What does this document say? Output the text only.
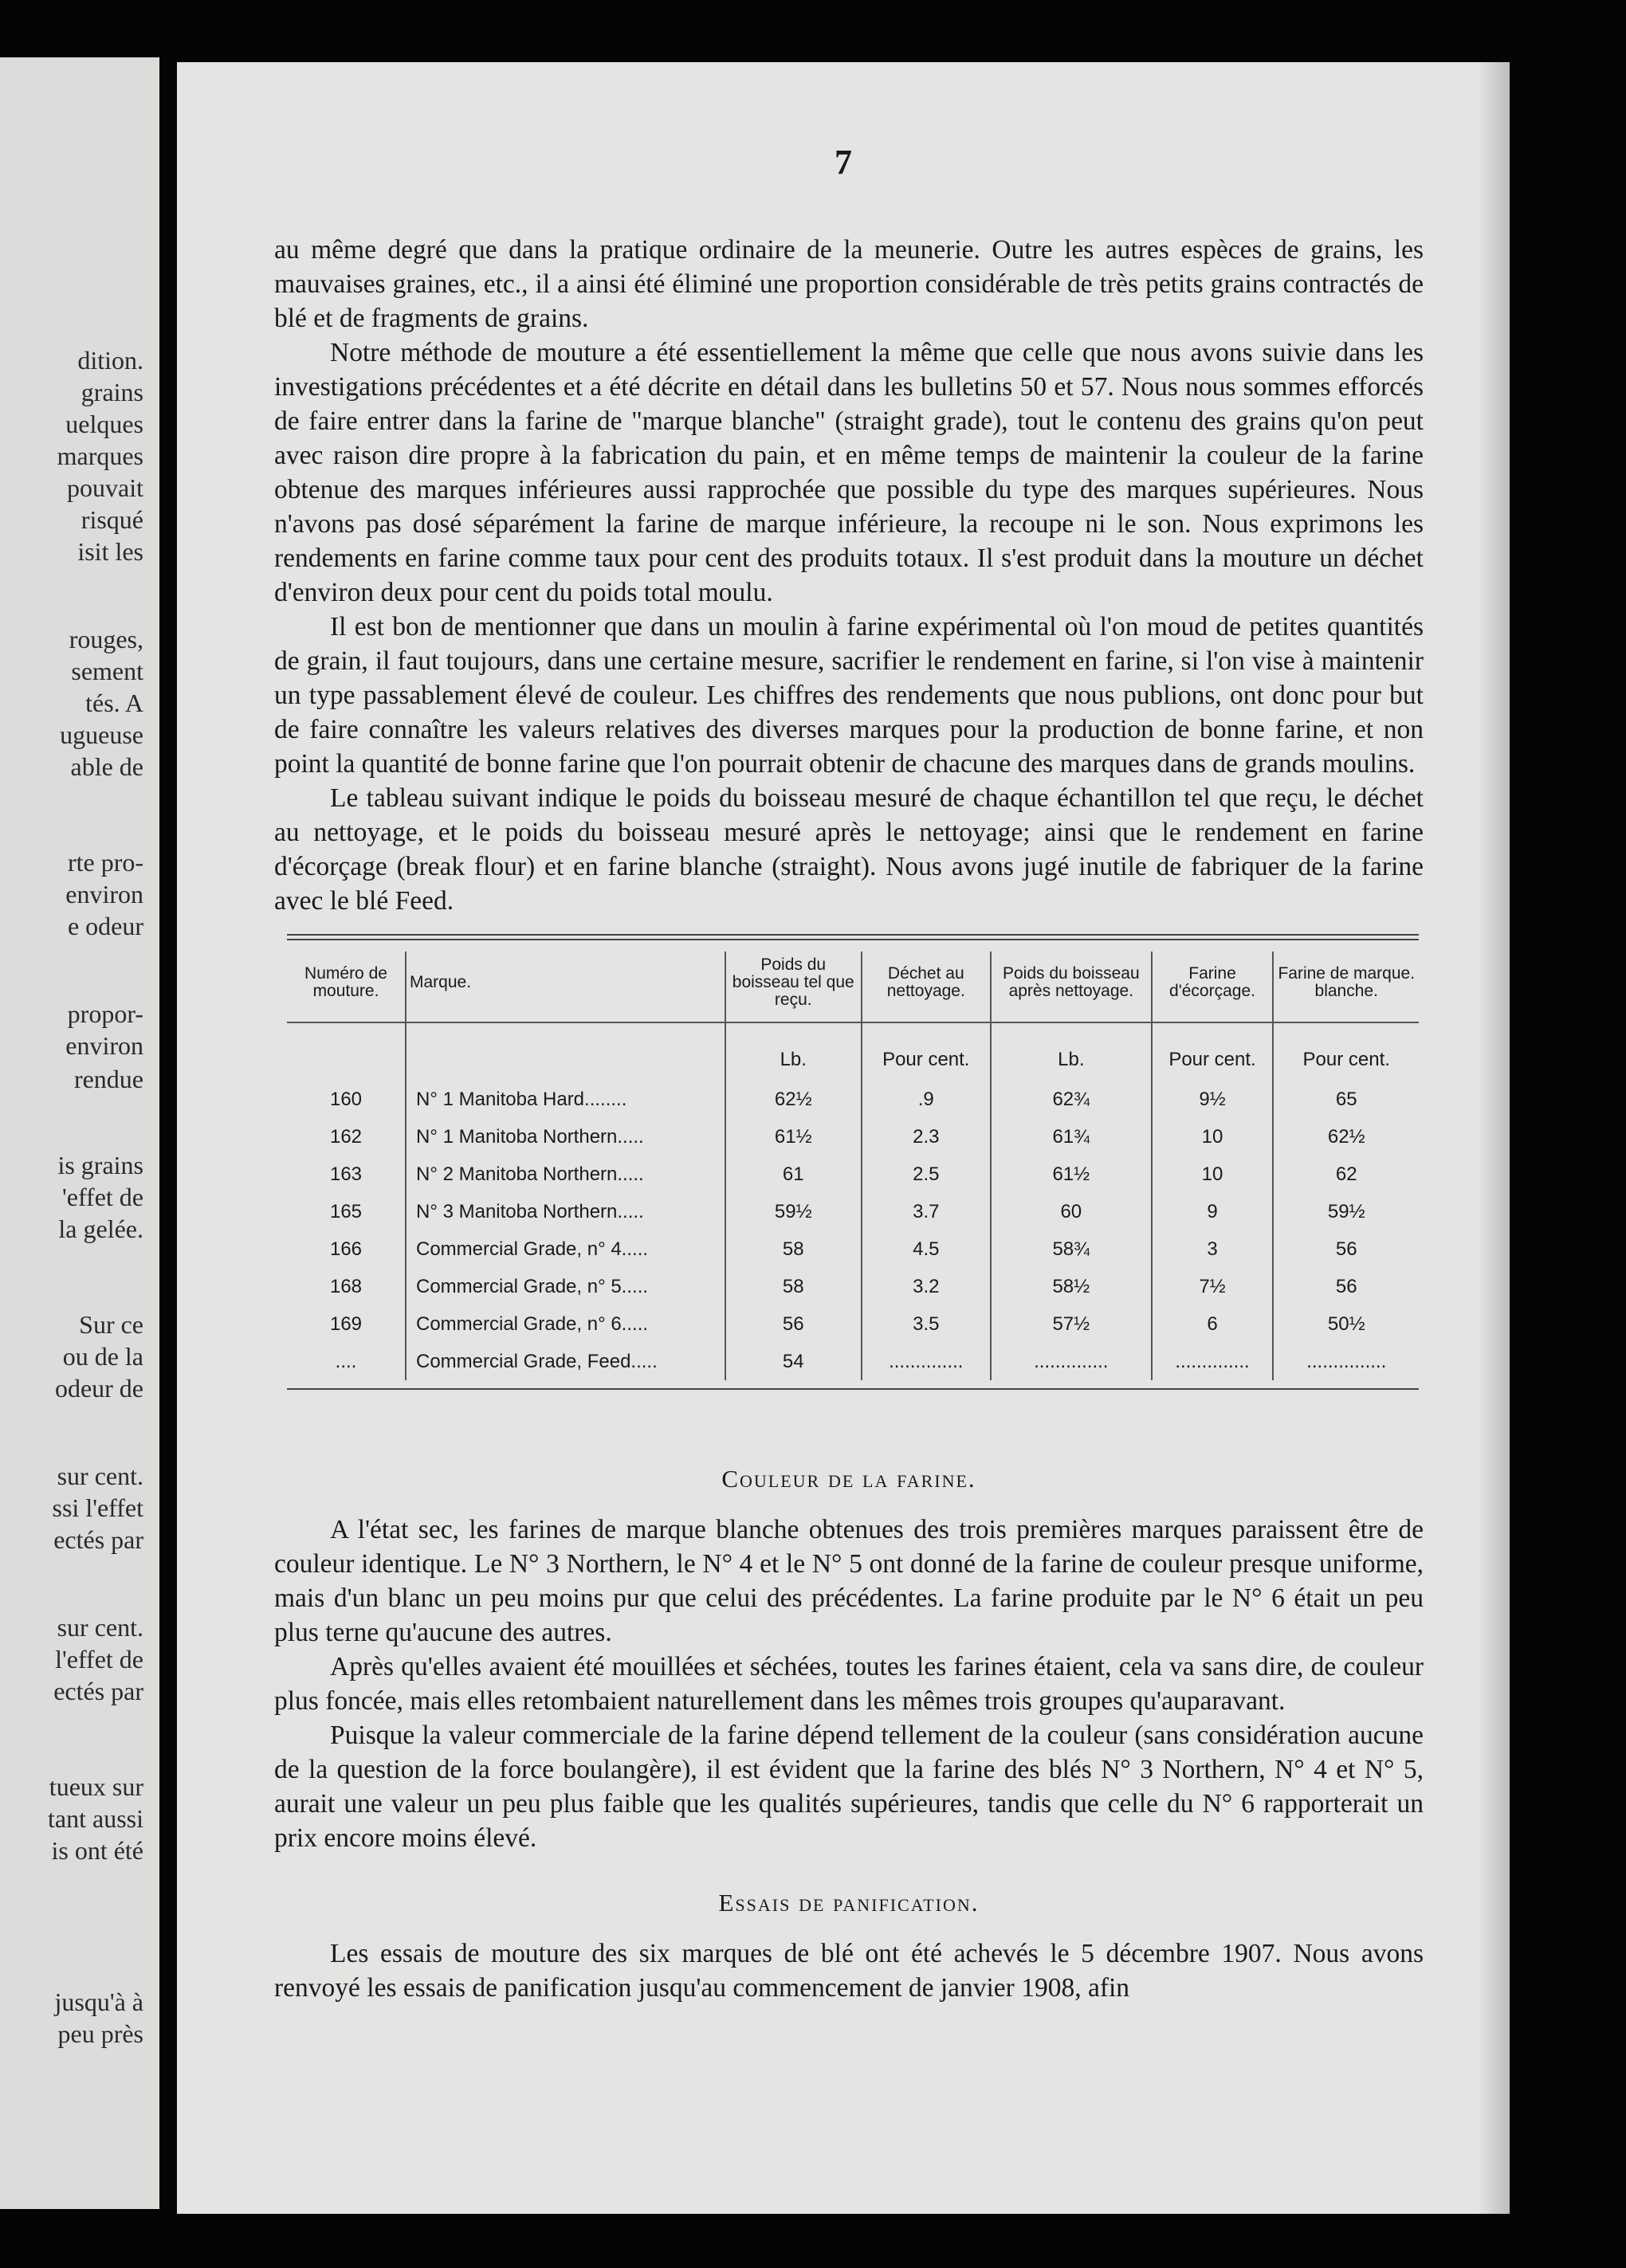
dition.
grains
uelques
marques
pouvait
risqué
isit les
rouges,
sement
tés. A
ugueuse
able de
rte pro-
environ
e odeur
propor-
environ
rendue
is grains
'effet de
la gelée.
Sur ce
ou de la
odeur de
sur cent.
ssi l'effet
ectés par
sur cent.
l'effet de
ectés par
tueux sur
tant aussi
is ont été
jusqu'à à
peu près
7

au même degré que dans la pratique ordinaire de la meunerie. Outre les autres espèces de grains, les mauvaises graines, etc., il a ainsi été éliminé une proportion considérable de très petits grains contractés de blé et de fragments de grains.

Notre méthode de mouture a été essentiellement la même que celle que nous avons suivie dans les investigations précédentes et a été décrite en détail dans les bulletins 50 et 57. Nous nous sommes efforcés de faire entrer dans la farine de "marque blanche" (straight grade), tout le contenu des grains qu'on peut avec raison dire propre à la fabrication du pain, et en même temps de maintenir la couleur de la farine obtenue des marques inférieures aussi rapprochée que possible du type des marques supérieures. Nous n'avons pas dosé séparément la farine de marque inférieure, la recoupe ni le son. Nous exprimons les rendements en farine comme taux pour cent des produits totaux. Il s'est produit dans la mouture un déchet d'environ deux pour cent du poids total moulu.

Il est bon de mentionner que dans un moulin à farine expérimental où l'on moud de petites quantités de grain, il faut toujours, dans une certaine mesure, sacrifier le rendement en farine, si l'on vise à maintenir un type passablement élevé de couleur. Les chiffres des rendements que nous publions, ont donc pour but de faire connaître les valeurs relatives des diverses marques pour la production de bonne farine, et non point la quantité de bonne farine que l'on pourrait obtenir de chacune des marques dans de grands moulins.

Le tableau suivant indique le poids du boisseau mesuré de chaque échantillon tel que reçu, le déchet au nettoyage, et le poids du boisseau mesuré après le nettoyage; ainsi que le rendement en farine d'écorçage (break flour) et en farine blanche (straight). Nous avons jugé inutile de fabriquer de la farine avec le blé Feed.

Numéro de mouture.	Marque.	Poids du boisseau tel que reçu.	Déchet au nettoyage.	Poids du boisseau après nettoyage.	Farine d'écorçage.	Farine de marque. blanche.
		Lb.	Pour cent.	Lb.	Pour cent.	Pour cent.
160	N° 1 Manitoba Hard........	62½	.9	62¾	9½	65
162	N° 1 Manitoba Northern.....	61½	2.3	61¾	10	62½
163	N° 2 Manitoba Northern.....	61	2.5	61½	10	62
165	N° 3 Manitoba Northern.....	59½	3.7	60	9	59½
166	Commercial Grade, n° 4.....	58	4.5	58¾	3	56
168	Commercial Grade, n° 5.....	58	3.2	58½	7½	56
169	Commercial Grade, n° 6.....	56	3.5	57½	6	50½
....	Commercial Grade, Feed.....	54	..............	..............	..............	...............
Couleur de la farine.

A l'état sec, les farines de marque blanche obtenues des trois premières marques paraissent être de couleur identique. Le N° 3 Northern, le N° 4 et le N° 5 ont donné de la farine de couleur presque uniforme, mais d'un blanc un peu moins pur que celui des précédentes. La farine produite par le N° 6 était un peu plus terne qu'aucune des autres.

Après qu'elles avaient été mouillées et séchées, toutes les farines étaient, cela va sans dire, de couleur plus foncée, mais elles retombaient naturellement dans les mêmes trois groupes qu'auparavant.

Puisque la valeur commerciale de la farine dépend tellement de la couleur (sans considération aucune de la question de la force boulangère), il est évident que la farine des blés N° 3 Northern, N° 4 et N° 5, aurait une valeur un peu plus faible que les qualités supérieures, tandis que celle du N° 6 rapporterait un prix encore moins élevé.

Essais de panification.

Les essais de mouture des six marques de blé ont été achevés le 5 décembre 1907. Nous avons renvoyé les essais de panification jusqu'au commencement de janvier 1908, afin
